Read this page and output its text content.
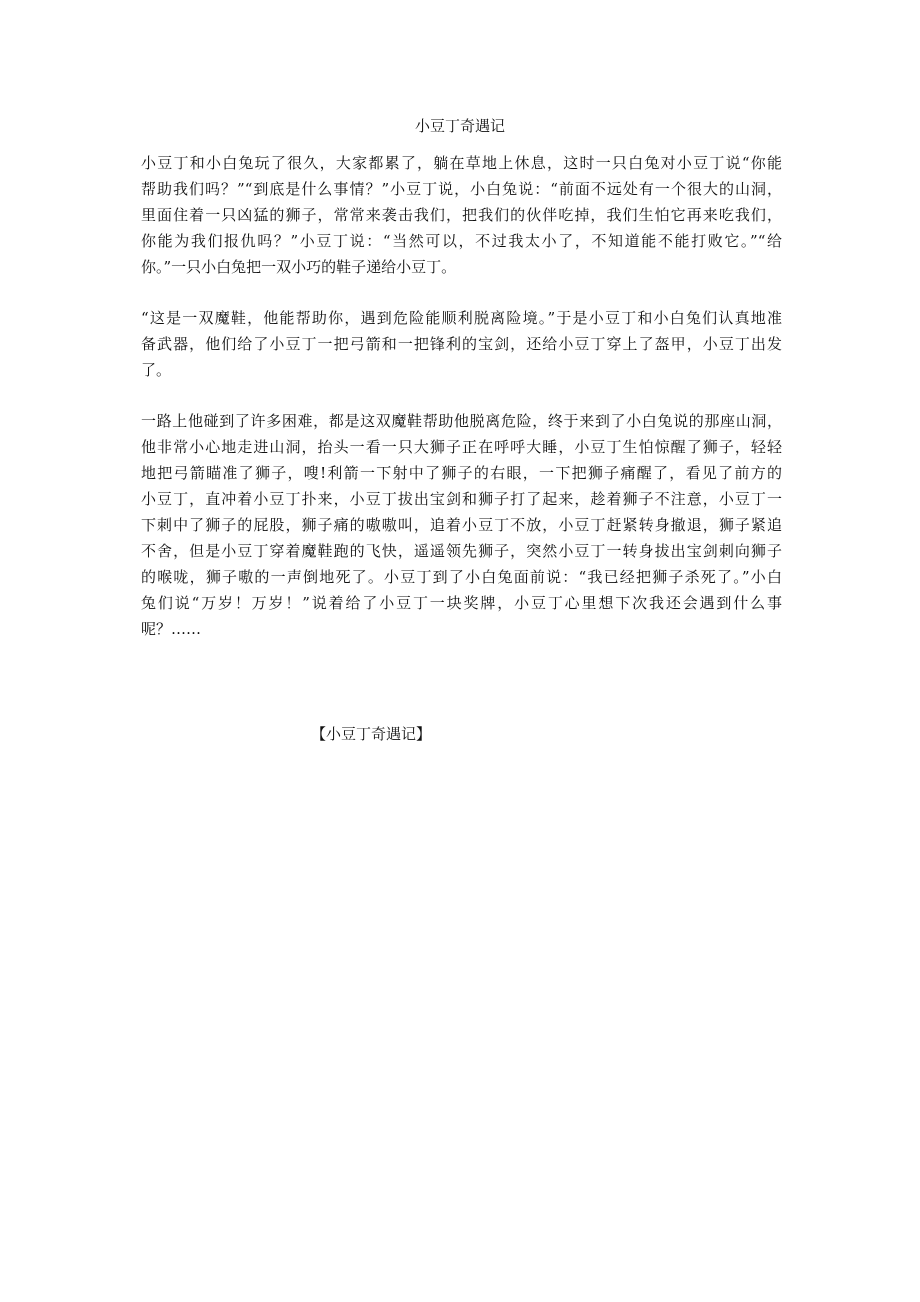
小豆丁奇遇记
小豆丁和小白兔玩了很久，大家都累了，躺在草地上休息，这时一只白兔对小豆丁说“你能
帮助我们吗？”“到底是什么事情？”小豆丁说，小白兔说：“前面不远处有一个很大的山洞，
里面住着一只凶猛的狮子，常常来袭击我们，把我们的伙伴吃掉，我们生怕它再来吃我们，
你能为我们报仇吗？”小豆丁说：“当然可以，不过我太小了，不知道能不能打败它。”“给
你。”一只小白兔把一双小巧的鞋子递给小豆丁。
“这是一双魔鞋，他能帮助你，遇到危险能顺利脱离险境。”于是小豆丁和小白兔们认真地准
备武器，他们给了小豆丁一把弓箭和一把锋利的宝剑，还给小豆丁穿上了盔甲，小豆丁出发
了。
一路上他碰到了许多困难，都是这双魔鞋帮助他脱离危险，终于来到了小白兔说的那座山洞，
他非常小心地走进山洞，抬头一看一只大狮子正在呼呼大睡，小豆丁生怕惊醒了狮子，轻轻
地把弓箭瞄准了狮子，嗖!利箭一下射中了狮子的右眼，一下把狮子痛醒了，看见了前方的
小豆丁，直冲着小豆丁扑来，小豆丁拔出宝剑和狮子打了起来，趁着狮子不注意，小豆丁一
下刺中了狮子的屁股，狮子痛的嗷嗷叫，追着小豆丁不放，小豆丁赶紧转身撤退，狮子紧追
不舍，但是小豆丁穿着魔鞋跑的飞快，遥遥领先狮子，突然小豆丁一转身拔出宝剑刺向狮子
的喉咙，狮子嗷的一声倒地死了。小豆丁到了小白兔面前说：“我已经把狮子杀死了。”小白
兔们说“万岁！万岁！”说着给了小豆丁一块奖牌，小豆丁心里想下次我还会遇到什么事
呢？……
【小豆丁奇遇记】
